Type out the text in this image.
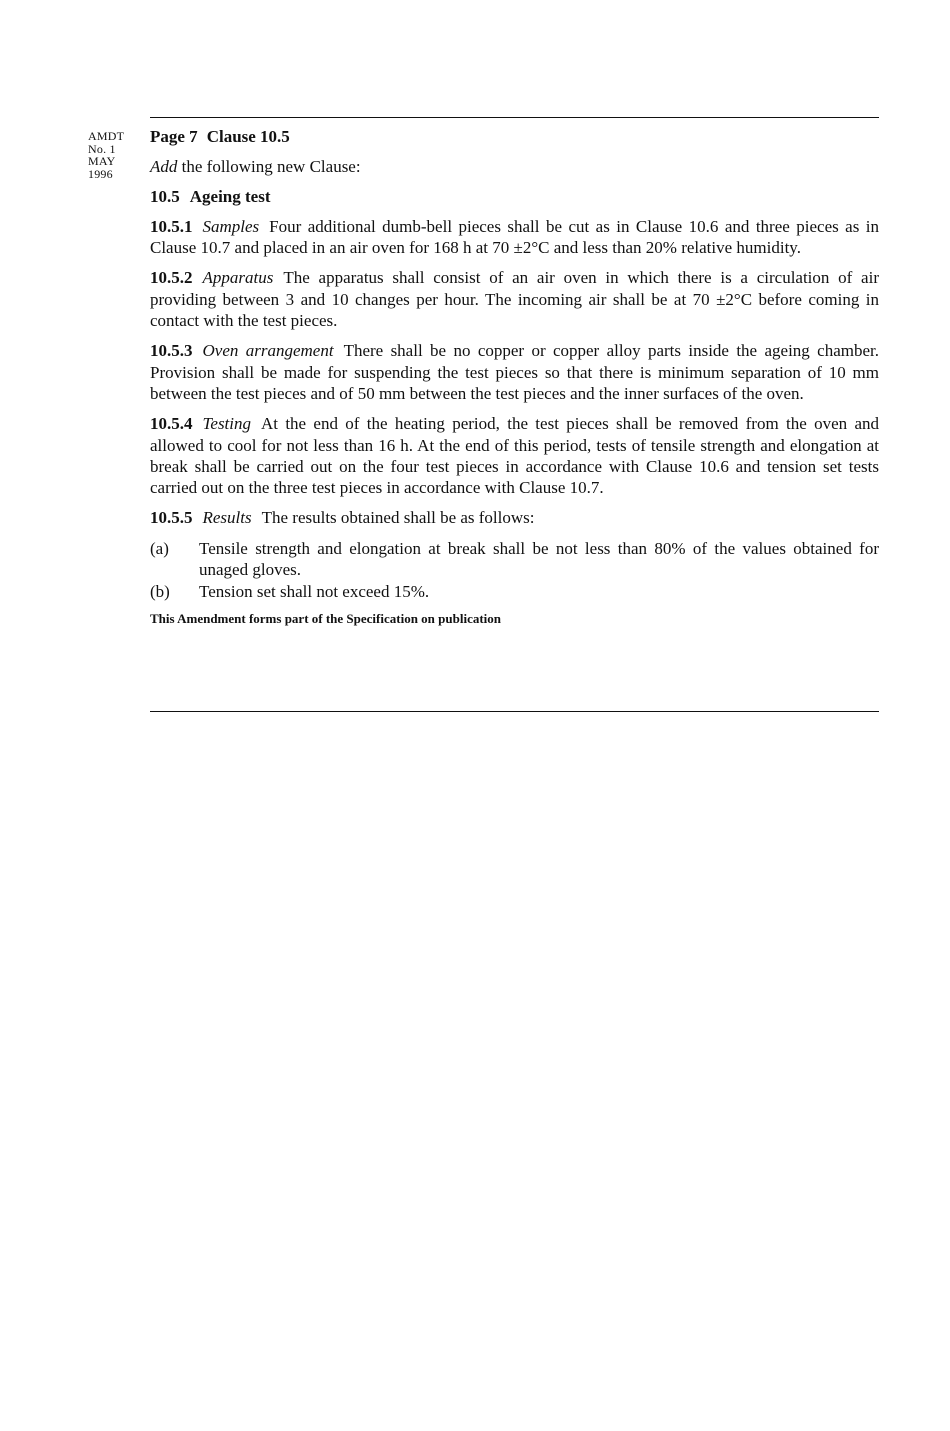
AMDT
No. 1
MAY
1996

Page 7 Clause 10.5

Add the following new Clause:

10.5 Ageing test

10.5.1 Samples Four additional dumb-bell pieces shall be cut as in Clause 10.6 and three pieces as in Clause 10.7 and placed in an air oven for 168 h at 70 ±2°C and less than 20% relative humidity.

10.5.2 Apparatus The apparatus shall consist of an air oven in which there is a circulation of air providing between 3 and 10 changes per hour. The incoming air shall be at 70 ±2°C before coming in contact with the test pieces.

10.5.3 Oven arrangement There shall be no copper or copper alloy parts inside the ageing chamber. Provision shall be made for suspending the test pieces so that there is minimum separation of 10 mm between the test pieces and of 50 mm between the test pieces and the inner surfaces of the oven.

10.5.4 Testing At the end of the heating period, the test pieces shall be removed from the oven and allowed to cool for not less than 16 h. At the end of this period, tests of tensile strength and elongation at break shall be carried out on the four test pieces in accordance with Clause 10.6 and tension set tests carried out on the three test pieces in accordance with Clause 10.7.

10.5.5 Results The results obtained shall be as follows:

(a)	Tensile strength and elongation at break shall be not less than 80% of the values obtained for unaged gloves.
(b)	Tension set shall not exceed 15%.

This Amendment forms part of the Specification on publication
